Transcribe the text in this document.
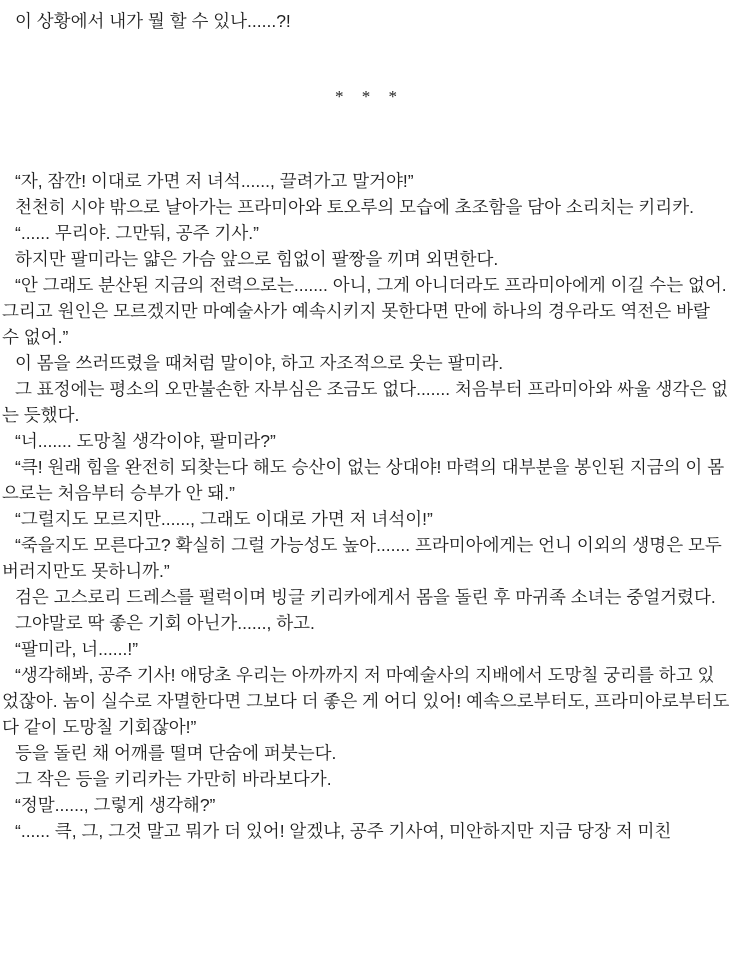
이 상황에서 내가 뭘 할 수 있나......?!

* * *

“자, 잠깐! 이대로 가면 저 녀석......, 끌려가고 말거야!”

천천히 시야 밖으로 날아가는 프라미아와 토오루의 모습에 초조함을 담아 소리치는 키리카.

“...... 무리야. 그만둬, 공주 기사.”

하지만 팔미라는 얇은 가슴 앞으로 힘없이 팔짱을 끼며 외면한다.

“안 그래도 분산된 지금의 전력으로는....... 아니, 그게 아니더라도 프라미아에게 이길 수는 없어. 그리고 원인은 모르겠지만 마예술사가 예속시키지 못한다면 만에 하나의 경우라도 역전은 바랄 수 없어.”

이 몸을 쓰러뜨렸을 때처럼 말이야, 하고 자조적으로 웃는 팔미라.

그 표정에는 평소의 오만불손한 자부심은 조금도 없다....... 처음부터 프라미아와 싸울 생각은 없는 듯했다.

“너....... 도망칠 생각이야, 팔미라?”

“큭! 원래 힘을 완전히 되찾는다 해도 승산이 없는 상대야! 마력의 대부분을 봉인된 지금의 이 몸으로는 처음부터 승부가 안 돼.”

“그럴지도 모르지만......, 그래도 이대로 가면 저 녀석이!”

“죽을지도 모른다고? 확실히 그럴 가능성도 높아....... 프라미아에게는 언니 이외의 생명은 모두 버러지만도 못하니까.”

검은 고스로리 드레스를 펄럭이며 빙글 키리카에게서 몸을 돌린 후 마귀족 소녀는 중얼거렸다.

그야말로 딱 좋은 기회 아닌가......, 하고.

“팔미라, 너......!”

“생각해봐, 공주 기사! 애당초 우리는 아까까지 저 마예술사의 지배에서 도망칠 궁리를 하고 있었잖아. 놈이 실수로 자멸한다면 그보다 더 좋은 게 어디 있어! 예속으로부터도, 프라미아로부터도 다 같이 도망칠 기회잖아!”

등을 돌린 채 어깨를 떨며 단숨에 퍼붓는다.

그 작은 등을 키리카는 가만히 바라보다가.

“정말......, 그렇게 생각해?”

“...... 큭, 그, 그것 말고 뭐가 더 있어! 알겠냐, 공주 기사여, 미안하지만 지금 당장 저 미친
